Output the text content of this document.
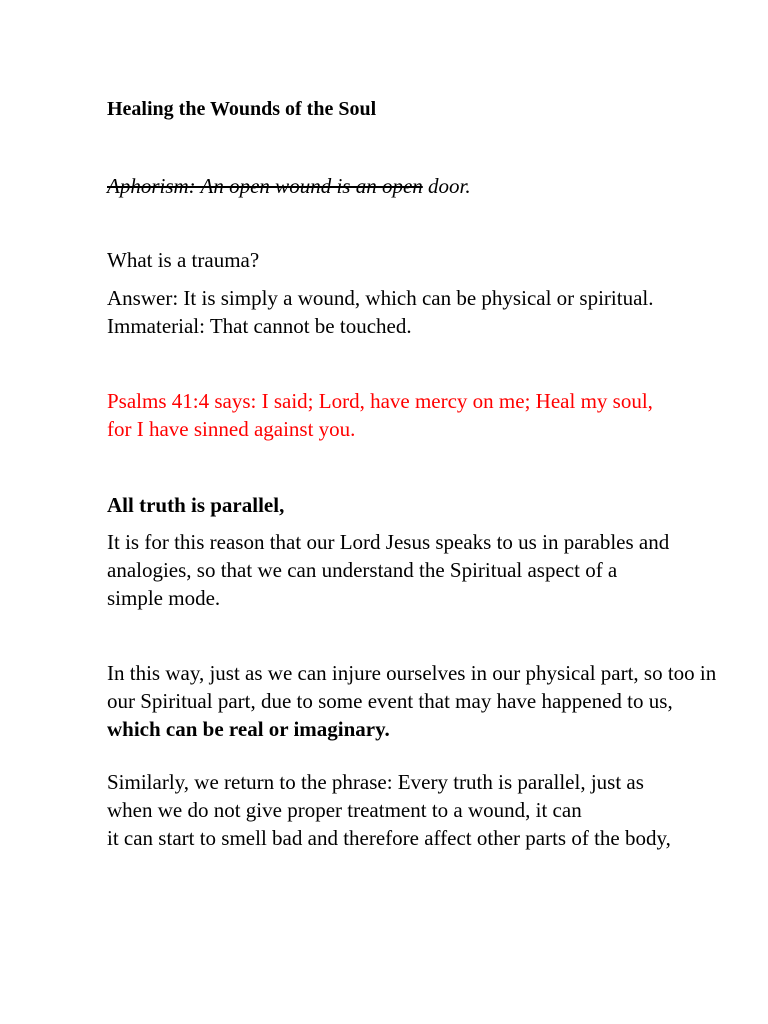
Healing the Wounds of the Soul

Aphorism: An open wound is an open door.

What is a trauma?

Answer: It is simply a wound, which can be physical or spiritual.

Immaterial: That cannot be touched.

Psalms 41:4 says: I said; Lord, have mercy on me; Heal my soul,

for I have sinned against you.

All truth is parallel,

It is for this reason that our Lord Jesus speaks to us in parables and

analogies, so that we can understand the Spiritual aspect of a

simple mode.

In this way, just as we can injure ourselves in our physical part, so too in

our Spiritual part, due to some event that may have happened to us,

which can be real or imaginary.

Similarly, we return to the phrase: Every truth is parallel, just as

when we do not give proper treatment to a wound, it can

it can start to smell bad and therefore affect other parts of the body,
